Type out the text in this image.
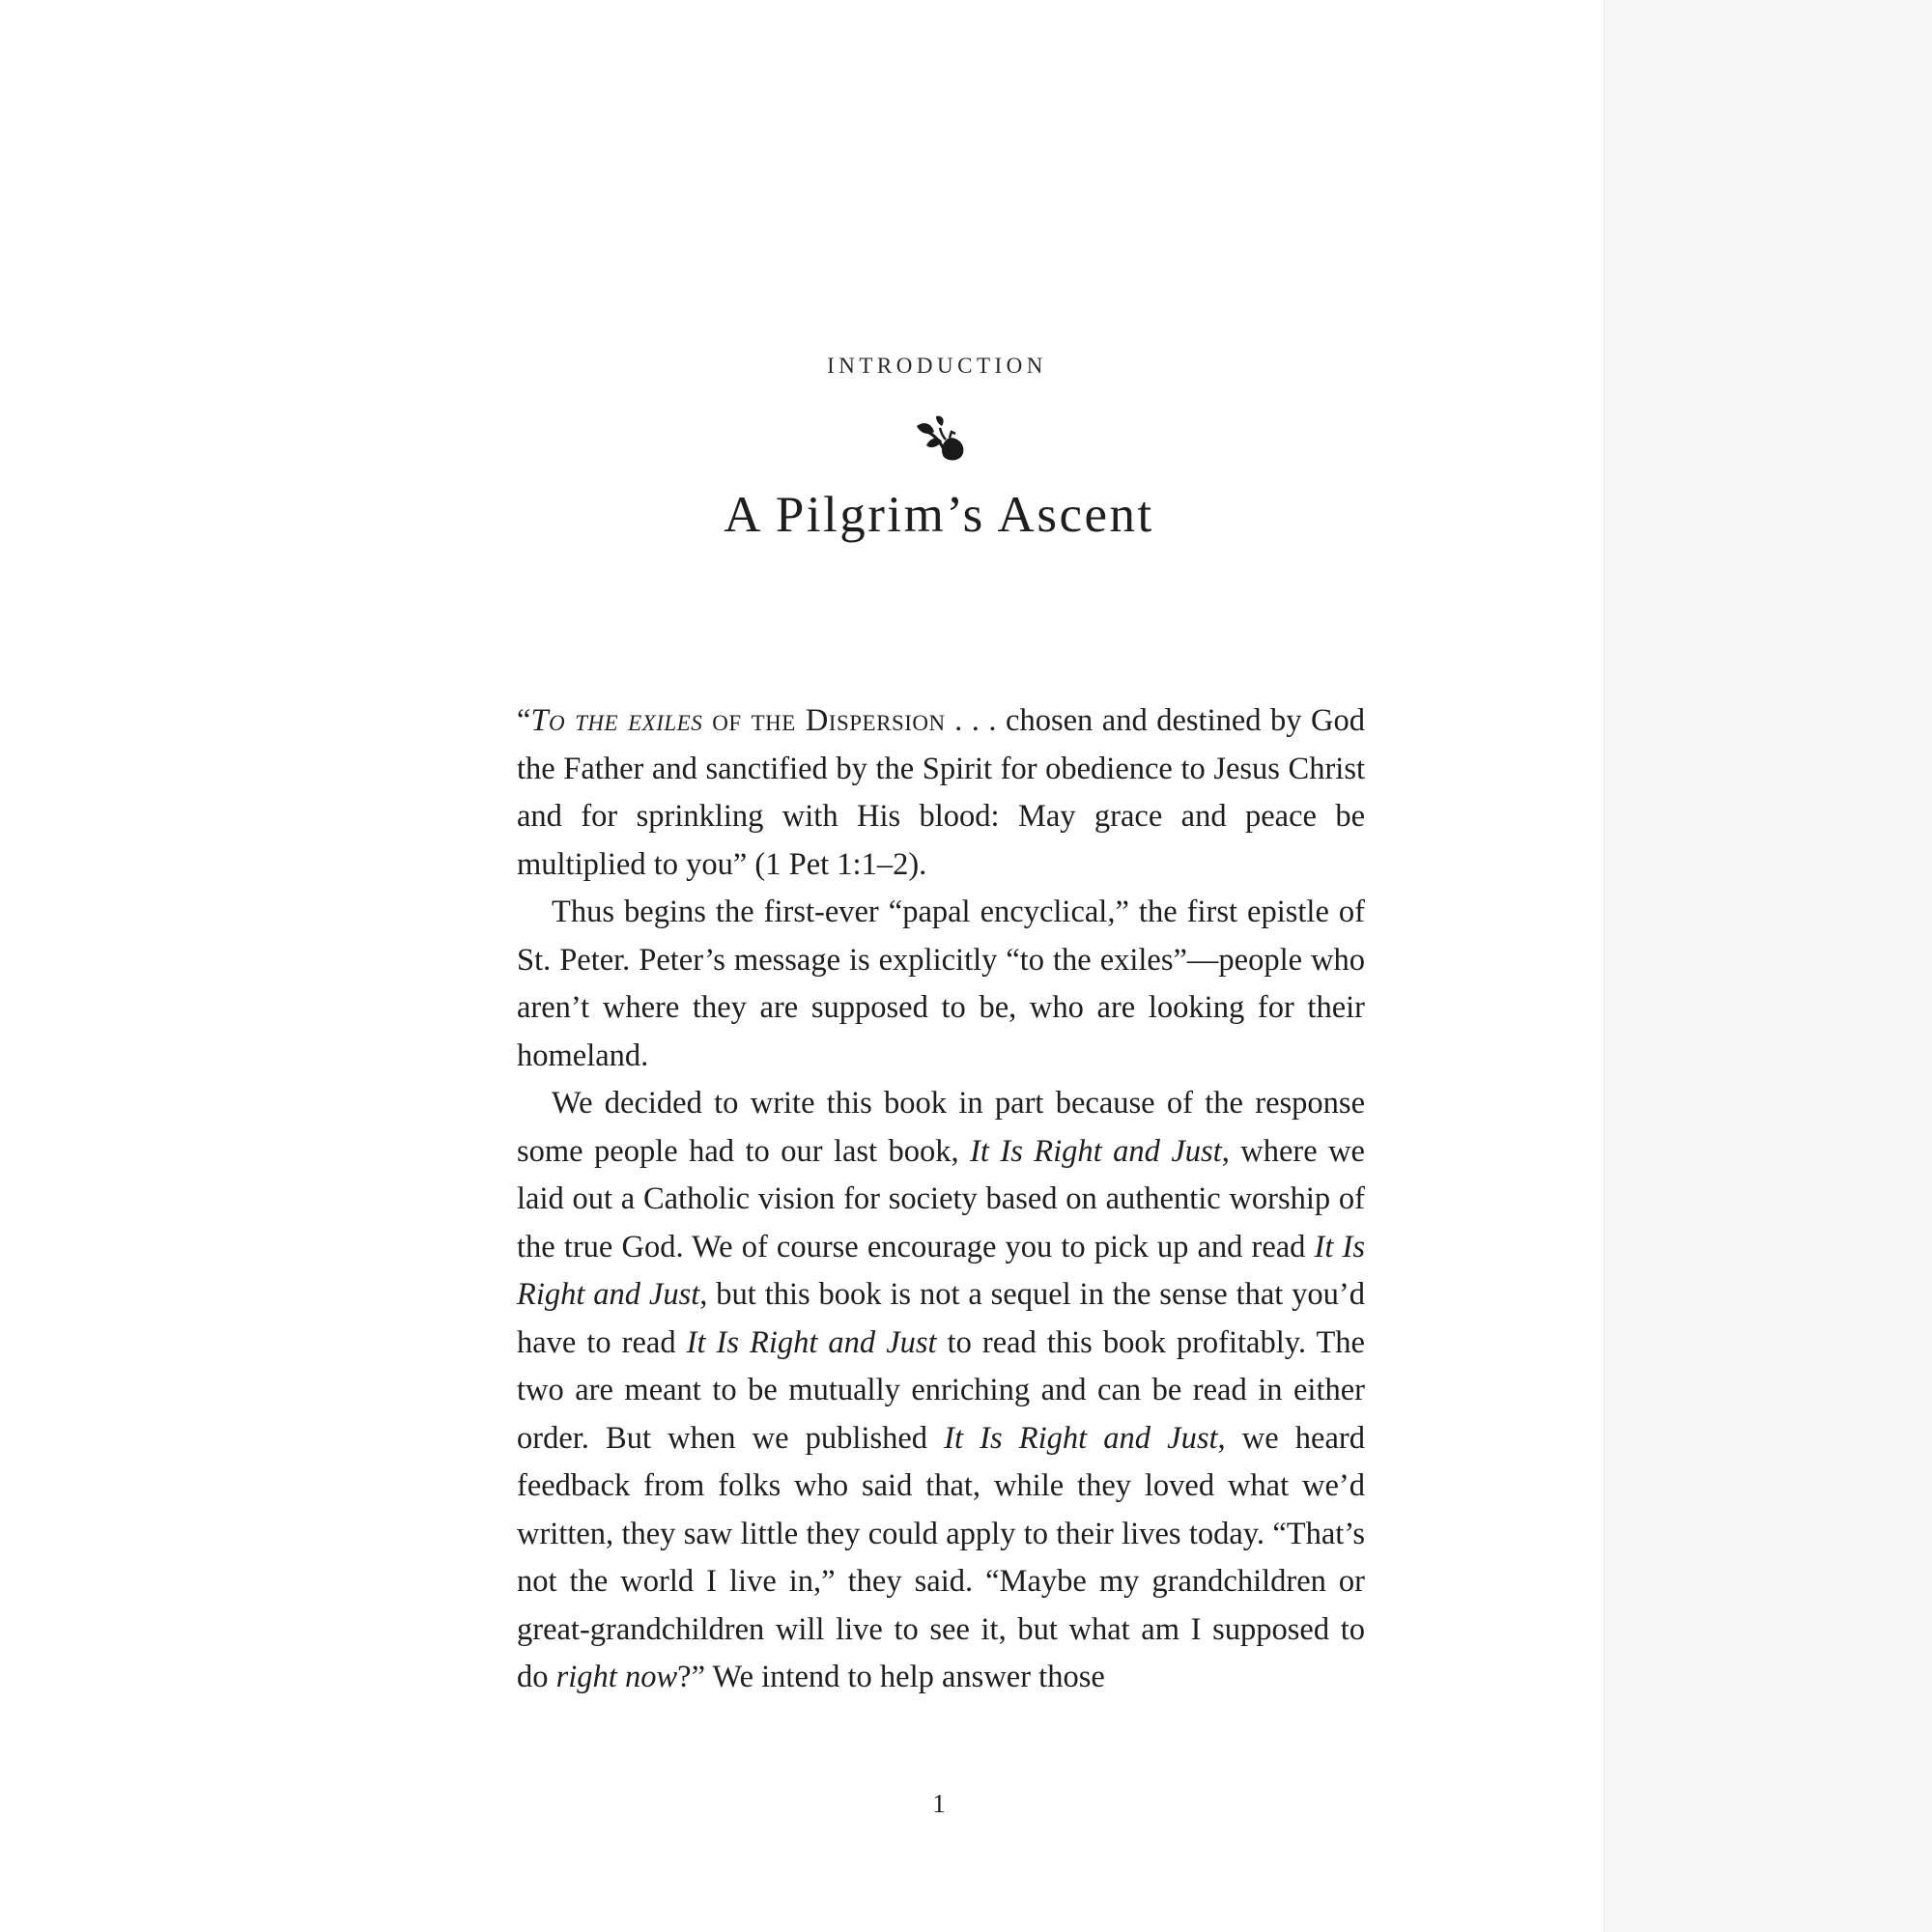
INTRODUCTION
A Pilgrim’s Ascent

“To the exiles of the Dispersion . . . chosen and destined by God the Father and sanctified by the Spirit for obedience to Jesus Christ and for sprinkling with His blood: May grace and peace be multiplied to you” (1 Pet 1:1–2).

Thus begins the first-ever “papal encyclical,” the first epistle of St. Peter. Peter’s message is explicitly “to the exiles”—people who aren’t where they are supposed to be, who are looking for their homeland.

We decided to write this book in part because of the response some people had to our last book, It Is Right and Just, where we laid out a Catholic vision for society based on authentic worship of the true God. We of course encourage you to pick up and read It Is Right and Just, but this book is not a sequel in the sense that you’d have to read It Is Right and Just to read this book profitably. The two are meant to be mutually enriching and can be read in either order. But when we published It Is Right and Just, we heard feedback from folks who said that, while they loved what we’d written, they saw little they could apply to their lives today. “That’s not the world I live in,” they said. “Maybe my grandchildren or great-grandchildren will live to see it, but what am I supposed to do right now?” We intend to help answer those

1
